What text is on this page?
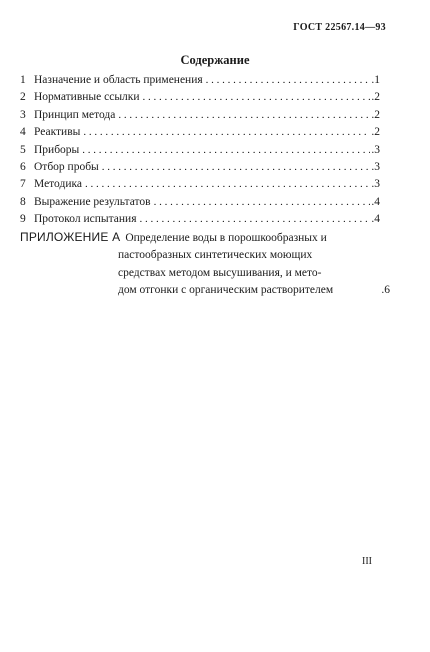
ГОСТ 22567.14—93
Содержание
1 Назначение и область применения . . .	.1
2 Нормативные ссылки . . .	.2
3 Принцип метода . . .	.2
4 Реактивы . . .	.2
5 Приборы . . .	.3
6 Отбор пробы . . .	.3
7 Методика . . .	.3
8 Выражение результатов . . .	.4
9 Протокол испытания . . .	.4
ПРИЛОЖЕНИЕ А Определение воды в порошкообразных и
пастообразных синтетических моющих
средствах методом высушивания, и мето-
дом отгонки с органическим растворителем	.6
III
